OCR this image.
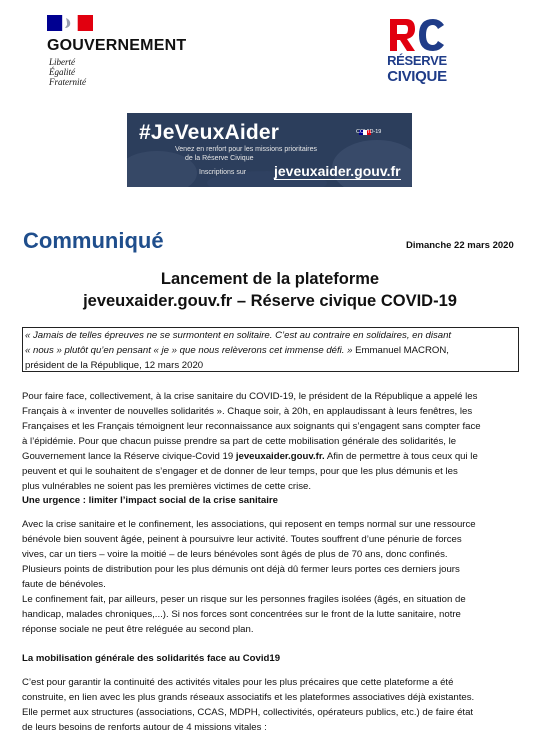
GOUVERNEMENT
Liberté
Égalité
Fraternité
RÉSERVE
CIVIQUE
#JeVeuxAider	COVID-19
Venez en renfort pour les missions prioritaires
de la Réserve Civique
Inscriptions sur jeveuxaider.gouv.fr
Communiqué	Dimanche 22 mars 2020
Lancement de la plateforme
jeveuxaider.gouv.fr – Réserve civique COVID-19
« Jamais de telles épreuves ne se surmontent en solitaire. C’est au contraire en solidaires, en disant
« nous » plutôt qu’en pensant « je » que nous relèverons cet immense défi. » Emmanuel MACRON,
président de la République, 12 mars 2020
Pour faire face, collectivement, à la crise sanitaire du COVID-19, le président de la République a appelé les
Français à « inventer de nouvelles solidarités ». Chaque soir, à 20h, en applaudissant à leurs fenêtres, les
Françaises et les Français témoignent leur reconnaissance aux soignants qui s’engagent sans compter face
à l’épidémie. Pour que chacun puisse prendre sa part de cette mobilisation générale des solidarités, le
Gouvernement lance la Réserve civique-Covid 19 jeveuxaider.gouv.fr. Afin de permettre à tous ceux qui le
peuvent et qui le souhaitent de s’engager et de donner de leur temps, pour que les plus démunis et les
plus vulnérables ne soient pas les premières victimes de cette crise.
Une urgence : limiter l’impact social de la crise sanitaire
Avec la crise sanitaire et le confinement, les associations, qui reposent en temps normal sur une ressource
bénévole bien souvent âgée, peinent à poursuivre leur activité. Toutes souffrent d’une pénurie de forces
vives, car un tiers – voire la moitié – de leurs bénévoles sont âgés de plus de 70 ans, donc confinés.
Plusieurs points de distribution pour les plus démunis ont déjà dû fermer leurs portes ces derniers jours
faute de bénévoles.
Le confinement fait, par ailleurs, peser un risque sur les personnes fragiles isolées (âgés, en situation de
handicap, malades chroniques,...). Si nos forces sont concentrées sur le front de la lutte sanitaire, notre
réponse sociale ne peut être reléguée au second plan.
La mobilisation générale des solidarités face au Covid19
C’est pour garantir la continuité des activités vitales pour les plus précaires que cette plateforme a été
construite, en lien avec les plus grands réseaux associatifs et les plateformes associatives déjà existantes.
Elle permet aux structures (associations, CCAS, MDPH, collectivités, opérateurs publics, etc.) de faire état
de leurs besoins de renforts autour de 4 missions vitales :
